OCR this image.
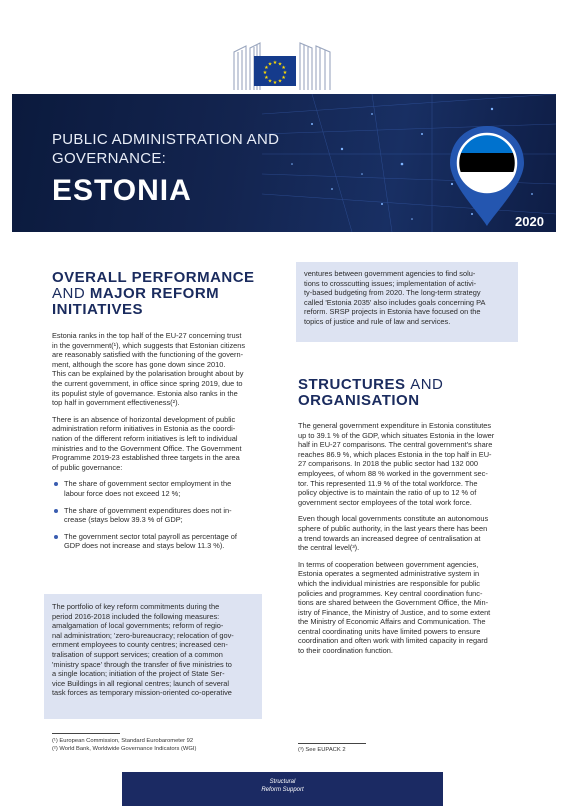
★ ★
★
★
★
★
★
★
★
★
★
★
European
Commission
PUBLIC ADMINISTRATION AND
GOVERNANCE:
ESTONIA
2020
OVERALL PERFORMANCE
AND MAJOR REFORM
INITIATIVES

Estonia ranks in the top half of the EU-27 concerning trust
in the government(¹), which suggests that Estonian citizens
are reasonably satisfied with the functioning of the govern-
ment, although the score has gone down since 2010.
This can be explained by the polarisation brought about by
the current government, in office since spring 2019, due to
its populist style of governance. Estonia also ranks in the
top half in government effectiveness(²).

There is an absence of horizontal development of public
administration reform initiatives in Estonia as the coordi-
nation of the different reform initiatives is left to individual
ministries and to the Government Office. The Government
Programme 2019-23 established three targets in the area
of public governance:

The share of government sector employment in the
labour force does not exceed 12 %;
The share of government expenditures does not in-
crease (stays below 39.3 % of GDP;
The government sector total payroll as percentage of
GDP does not increase and stays below 11.3 %).
The portfolio of key reform commitments during the
period 2016-2018 included the following measures:
amalgamation of local governments; reform of regio-
nal administration; 'zero-bureaucracy; relocation of gov-
ernment employees to county centres; increased cen-
tralisation of support services; creation of a common
'ministry space' through the transfer of five ministries to
a single location; initiation of the project of State Ser-
vice Buildings in all regional centres; launch of several
task forces as temporary mission-oriented co-operative
(¹) European Commission, Standard Eurobarometer 92
(²) World Bank, Worldwide Governance Indicators (WGI)
ventures between government agencies to find solu-
tions to crosscutting issues; implementation of activi-
ty-based budgeting from 2020. The long-term strategy
called 'Estonia 2035' also includes goals concerning PA
reform. SRSP projects in Estonia have focused on the
topics of justice and rule of law and services.
STRUCTURES AND
ORGANISATION

The general government expenditure in Estonia constitutes
up to 39.1 % of the GDP, which situates Estonia in the lower
half in EU-27 comparisons. The central government's share
reaches 86.9 %, which places Estonia in the top half in EU-
27 comparisons. In 2018 the public sector had 132 000
employees, of whom 88 % worked in the government sec-
tor. This represented 11.9 % of the total workforce. The
policy objective is to maintain the ratio of up to 12 % of
government sector employees of the total work force.

Even though local governments constitute an autonomous
sphere of public authority, in the last years there has been
a trend towards an increased degree of centralisation at
the central level(³).

In terms of cooperation between government agencies,
Estonia operates a segmented administrative system in
which the individual ministries are responsible for public
policies and programmes. Key central coordination func-
tions are shared between the Government Office, the Min-
istry of Finance, the Ministry of Justice, and to some extent
the Ministry of Economic Affairs and Communication. The
central coordinating units have limited powers to ensure
coordination and often work with limited capacity in regard
to their coordination function.

(³) See EUPACK 2
Structural
Reform Support
